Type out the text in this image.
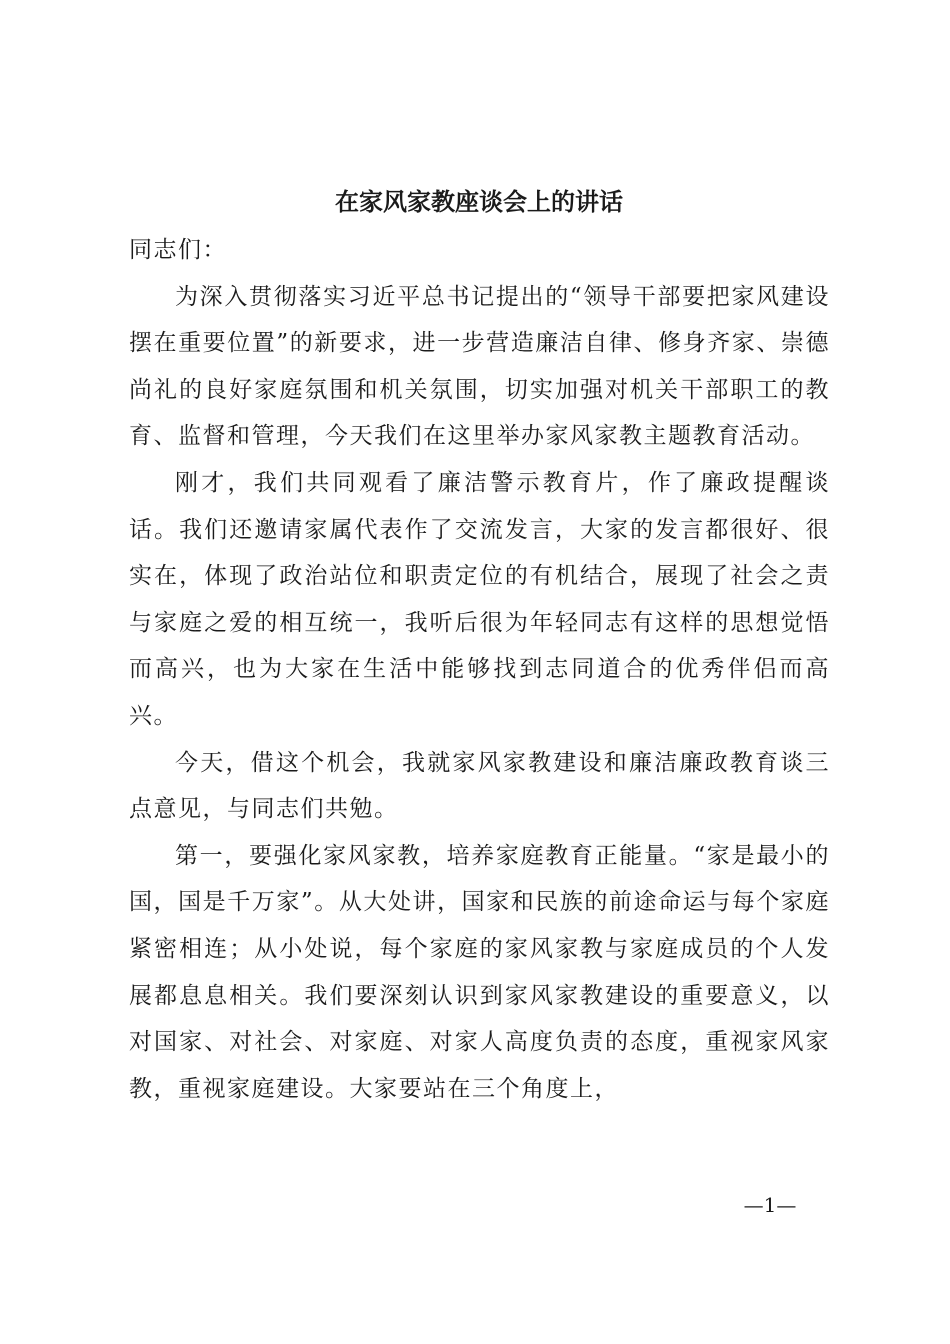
在家风家教座谈会上的讲话

同志们：

为深入贯彻落实习近平总书记提出的“领导干部要把家风建设摆在重要位置”的新要求，进一步营造廉洁自律、修身齐家、崇德尚礼的良好家庭氛围和机关氛围，切实加强对机关干部职工的教育、监督和管理，今天我们在这里举办家风家教主题教育活动。

刚才，我们共同观看了廉洁警示教育片，作了廉政提醒谈话。我们还邀请家属代表作了交流发言，大家的发言都很好、很实在，体现了政治站位和职责定位的有机结合，展现了社会之责与家庭之爱的相互统一，我听后很为年轻同志有这样的思想觉悟而高兴，也为大家在生活中能够找到志同道合的优秀伴侣而高兴。

今天，借这个机会，我就家风家教建设和廉洁廉政教育谈三点意见，与同志们共勉。

第一，要强化家风家教，培养家庭教育正能量。“家是最小的国，国是千万家”。从大处讲，国家和民族的前途命运与每个家庭紧密相连；从小处说，每个家庭的家风家教与家庭成员的个人发展都息息相关。我们要深刻认识到家风家教建设的重要意义，以对国家、对社会、对家庭、对家人高度负责的态度，重视家风家教，重视家庭建设。大家要站在三个角度上，

—1—
